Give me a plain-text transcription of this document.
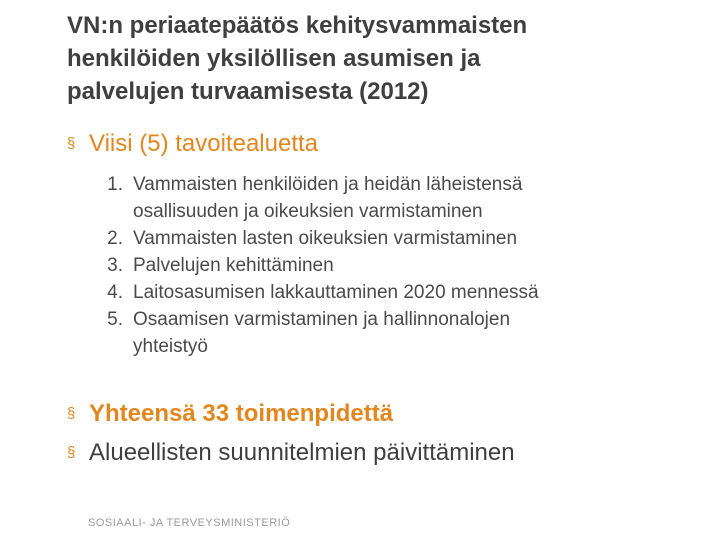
VN:n periaatepäätös kehitysvammaisten
henkilöiden yksilöllisen asumisen ja
palvelujen turvaamisesta (2012)
§ Viisi (5) tavoitealuetta
1. Vammaisten henkilöiden ja heidän läheistensä
osallisuuden ja oikeuksien varmistaminen
2. Vammaisten lasten oikeuksien varmistaminen
3. Palvelujen kehittäminen
4. Laitosasumisen lakkauttaminen 2020 mennessä
5. Osaamisen varmistaminen ja hallinnonalojen
yhteistyö
§ Yhteensä 33 toimenpidettä
§ Alueellisten suunnitelmien päivittäminen
SOSIAALI- JA TERVEYSMINISTERIÖ
